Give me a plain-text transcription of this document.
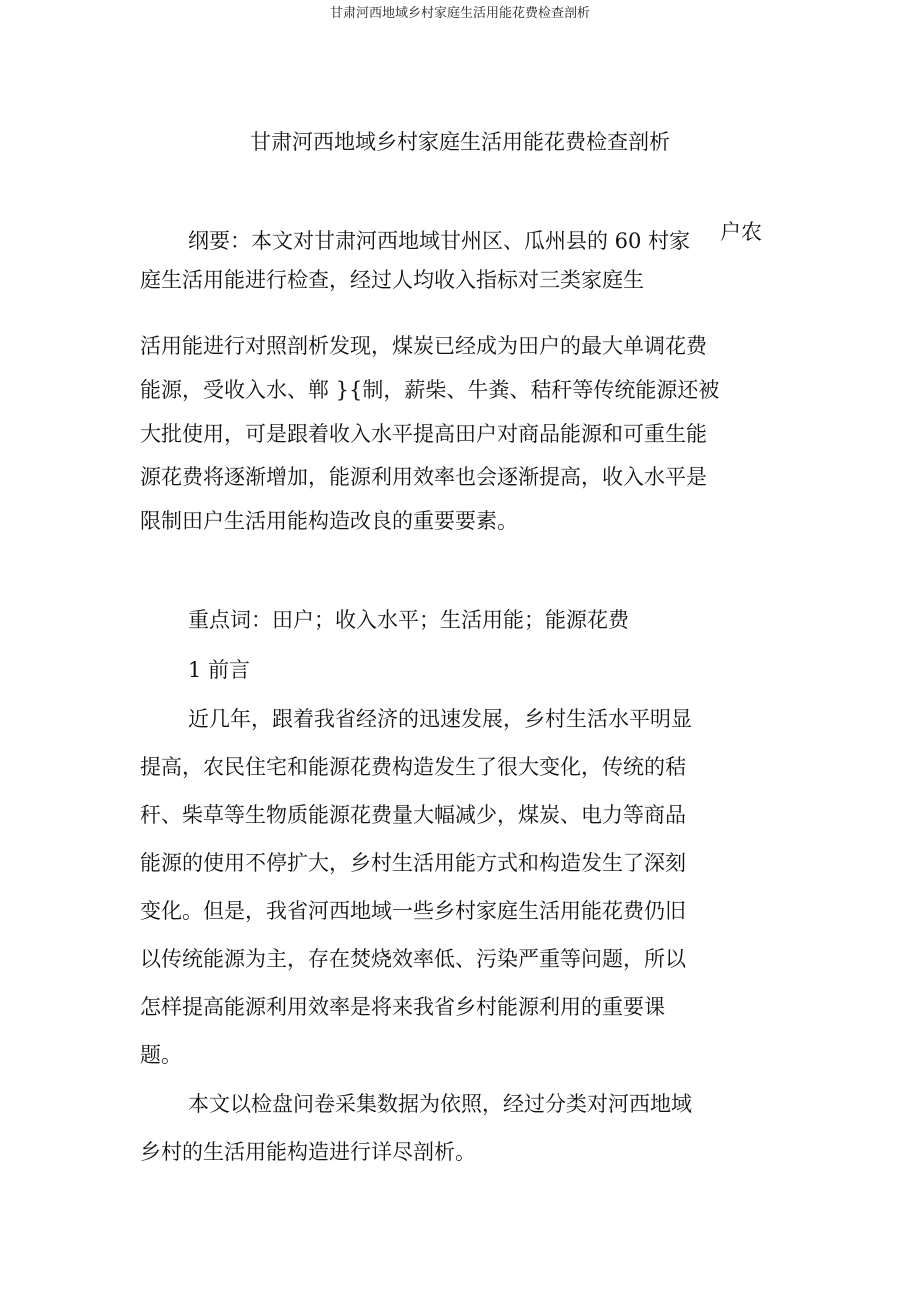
甘肃河西地域乡村家庭生活用能花费检查剖析
甘肃河西地域乡村家庭生活用能花费检查剖析
纲要：本文对甘肃河西地域甘州区、瓜州县的 60 村家 户农
庭生活用能进行检查，经过人均收入指标对三类家庭生
活用能进行对照剖析发现，煤炭已经成为田户的最大单调花费
能源，受收入水、郸 }{制，薪柴、牛粪、秸秆等传统能源还被
大批使用，可是跟着收入水平提高田户对商品能源和可重生能
源花费将逐渐增加，能源利用效率也会逐渐提高，收入水平是
限制田户生活用能构造改良的重要要素。
重点词：田户；收入水平；生活用能；能源花费
1 前言
近几年，跟着我省经济的迅速发展，乡村生活水平明显
提高，农民住宅和能源花费构造发生了很大变化，传统的秸
秆、柴草等生物质能源花费量大幅减少，煤炭、电力等商品
能源的使用不停扩大，乡村生活用能方式和构造发生了深刻
变化。但是，我省河西地域一些乡村家庭生活用能花费仍旧
以传统能源为主，存在焚烧效率低、污染严重等问题，所以
怎样提高能源利用效率是将来我省乡村能源利用的重要课
题。
本文以检盘问卷采集数据为依照，经过分类对河西地域
乡村的生活用能构造进行详尽剖析。
